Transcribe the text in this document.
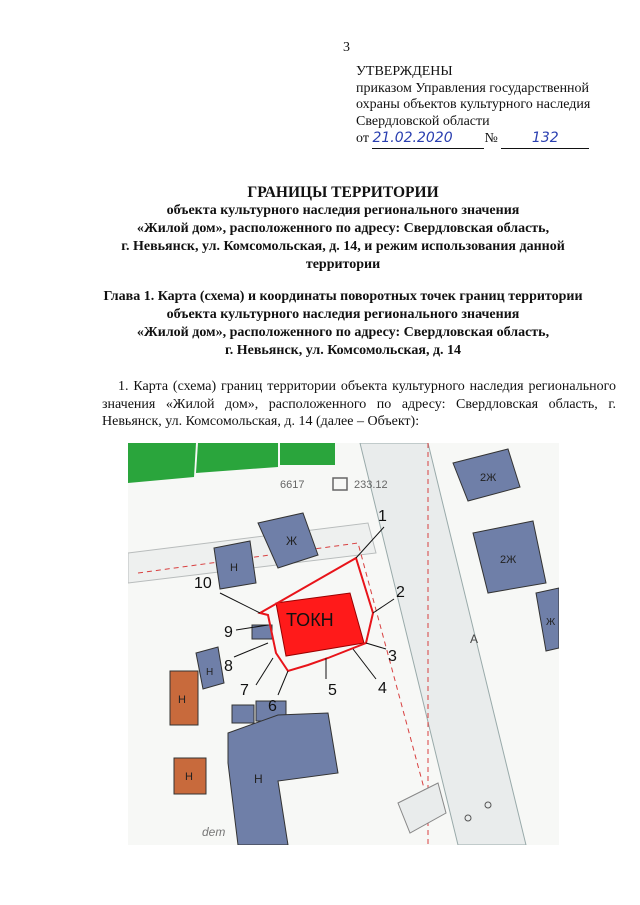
3
УТВЕРЖДЕНЫ
приказом Управления государственной
охраны объектов культурного наследия
Свердловской области
от 21.02.2020 № 132
ГРАНИЦЫ ТЕРРИТОРИИ
объекта культурного наследия регионального значения
«Жилой дом», расположенного по адресу: Свердловская область,
г. Невьянск, ул. Комсомольская, д. 14, и режим использования данной
территории
Глава 1. Карта (схема) и координаты поворотных точек границ территории
объекта культурного наследия регионального значения
«Жилой дом», расположенного по адресу: Свердловская область,
г. Невьянск, ул. Комсомольская, д. 14
1. Карта (схема) границ территории объекта культурного наследия регионального значения «Жилой дом», расположенного по адресу: Свердловская область, г. Невьянск, ул. Комсомольская, д. 14 (далее – Объект):
6617	233.12
2Ж
2Ж
Ж
Ж
Н
Н
Н
Н
Н
ТОКН
1
2
3
4
5
6
7
8
9
10
А
dem
